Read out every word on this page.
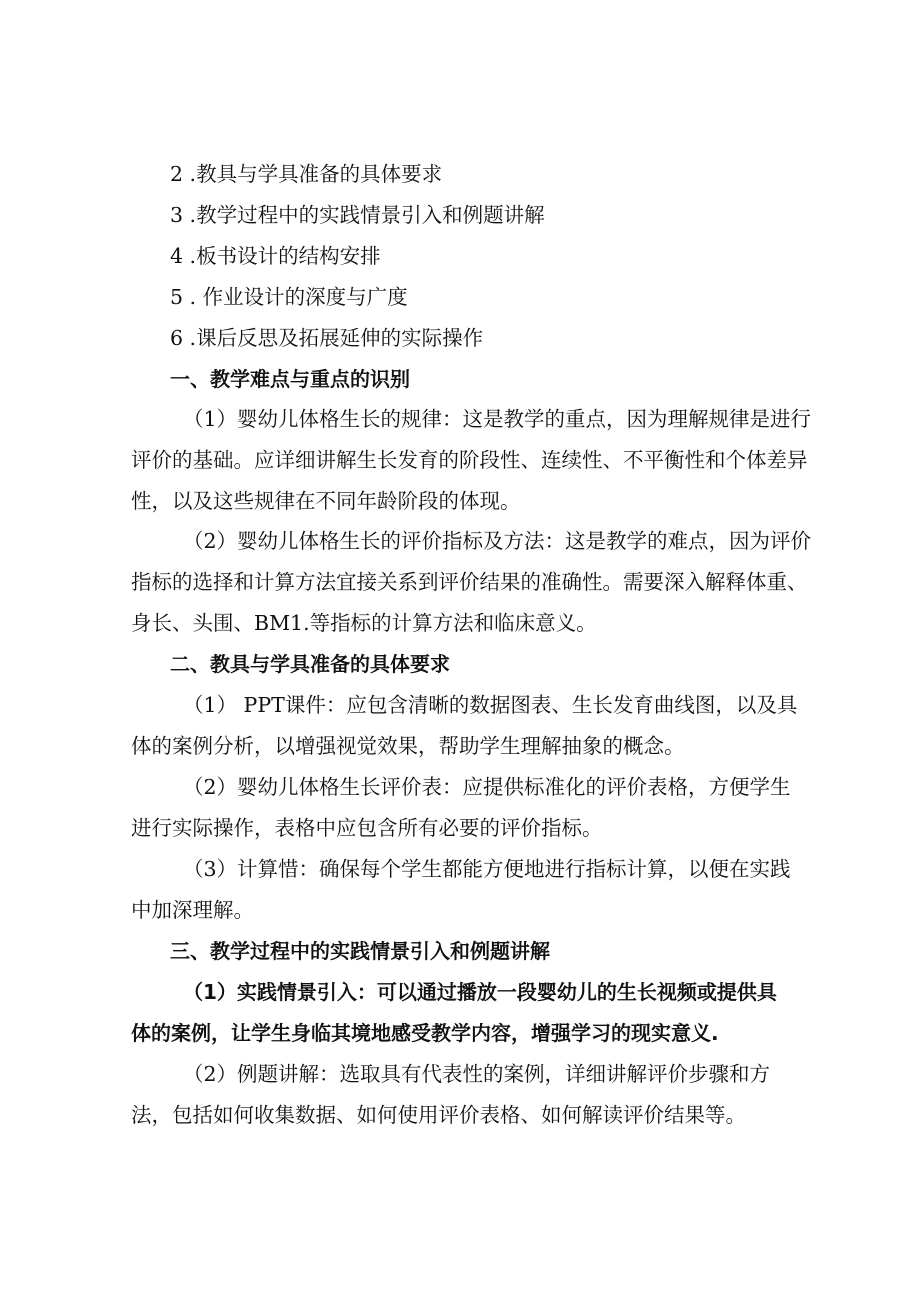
2 .教具与学具准备的具体要求
3 .教学过程中的实践情景引入和例题讲解
4 .板书设计的结构安排
5 . 作业设计的深度与广度
6 .课后反思及拓展延伸的实际操作
一、教学难点与重点的识别
（1）婴幼儿体格生长的规律：这是教学的重点，因为理解规律是进行
评价的基础。应详细讲解生长发育的阶段性、连续性、不平衡性和个体差异
性，以及这些规律在不同年龄阶段的体现。
（2）婴幼儿体格生长的评价指标及方法：这是教学的难点，因为评价
指标的选择和计算方法宜接关系到评价结果的准确性。需要深入解释体重、
身长、头围、BM1.等指标的计算方法和临床意义。
二、教具与学具准备的具体要求
（1） PPT课件：应包含清晰的数据图表、生长发育曲线图，以及具
体的案例分析，以增强视觉效果，帮助学生理解抽象的概念。
（2）婴幼儿体格生长评价表：应提供标准化的评价表格，方便学生
进行实际操作，表格中应包含所有必要的评价指标。
（3）计算惜：确保每个学生都能方便地进行指标计算，以便在实践
中加深理解。
三、教学过程中的实践情景引入和例题讲解
（1）实践情景引入：可以通过播放一段婴幼儿的生长视频或提供具
体的案例，让学生身临其境地感受教学内容，增强学习的现实意义.
（2）例题讲解：选取具有代表性的案例，详细讲解评价步骤和方
法，包括如何收集数据、如何使用评价表格、如何解读评价结果等。
